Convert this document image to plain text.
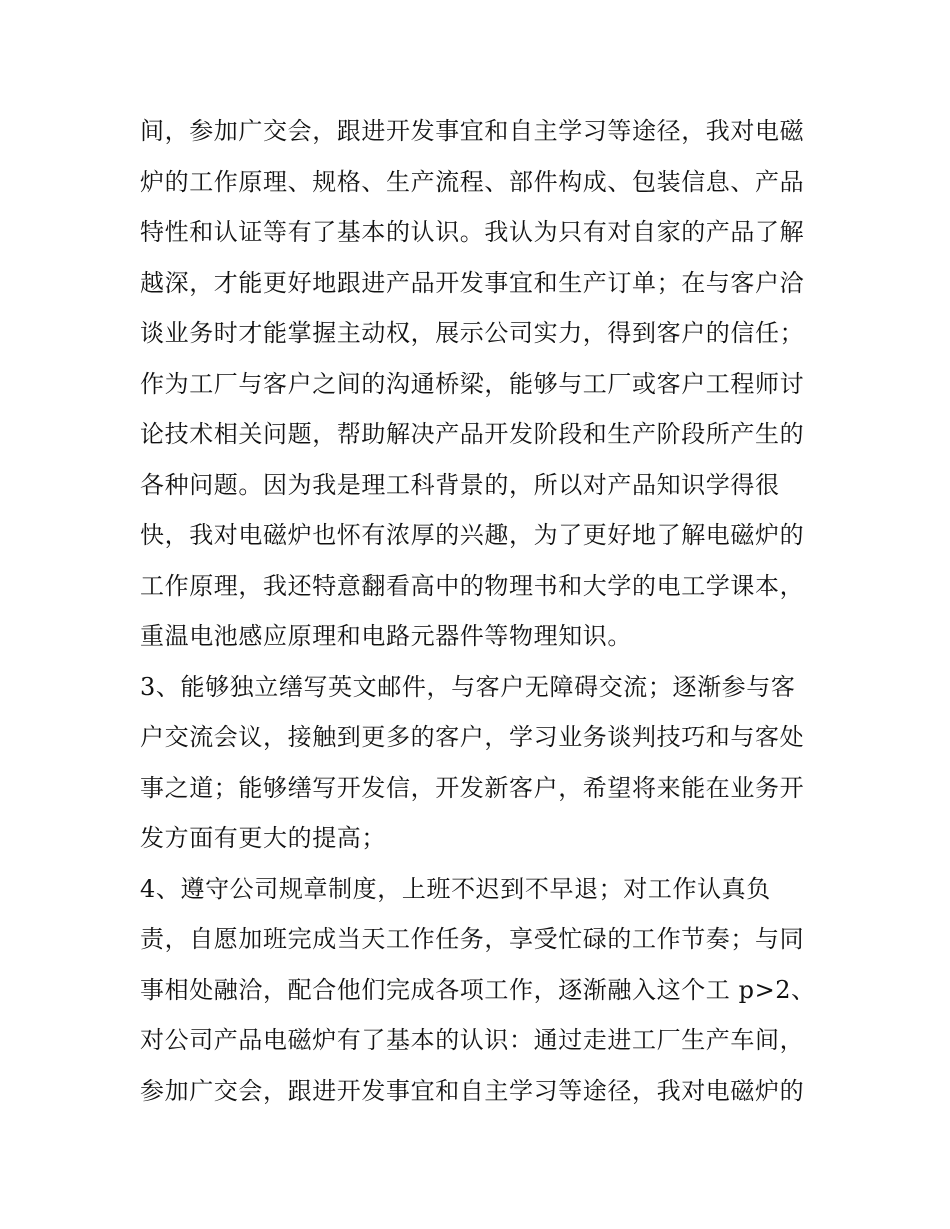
间，参加广交会，跟进开发事宜和自主学习等途径，我对电磁
炉的工作原理、规格、生产流程、部件构成、包装信息、产品
特性和认证等有了基本的认识。我认为只有对自家的产品了解
越深，才能更好地跟进产品开发事宜和生产订单；在与客户洽
谈业务时才能掌握主动权，展示公司实力，得到客户的信任；
作为工厂与客户之间的沟通桥梁，能够与工厂或客户工程师讨
论技术相关问题，帮助解决产品开发阶段和生产阶段所产生的
各种问题。因为我是理工科背景的，所以对产品知识学得很
快，我对电磁炉也怀有浓厚的兴趣，为了更好地了解电磁炉的
工作原理，我还特意翻看高中的物理书和大学的电工学课本，
重温电池感应原理和电路元器件等物理知识。
3、能够独立缮写英文邮件，与客户无障碍交流；逐渐参与客
户交流会议，接触到更多的客户，学习业务谈判技巧和与客处
事之道；能够缮写开发信，开发新客户，希望将来能在业务开
发方面有更大的提高；
4、遵守公司规章制度，上班不迟到不早退；对工作认真负
责，自愿加班完成当天工作任务，享受忙碌的工作节奏；与同
事相处融洽，配合他们完成各项工作，逐渐融入这个工 p>2、
对公司产品电磁炉有了基本的认识：通过走进工厂生产车间，
参加广交会，跟进开发事宜和自主学习等途径，我对电磁炉的
